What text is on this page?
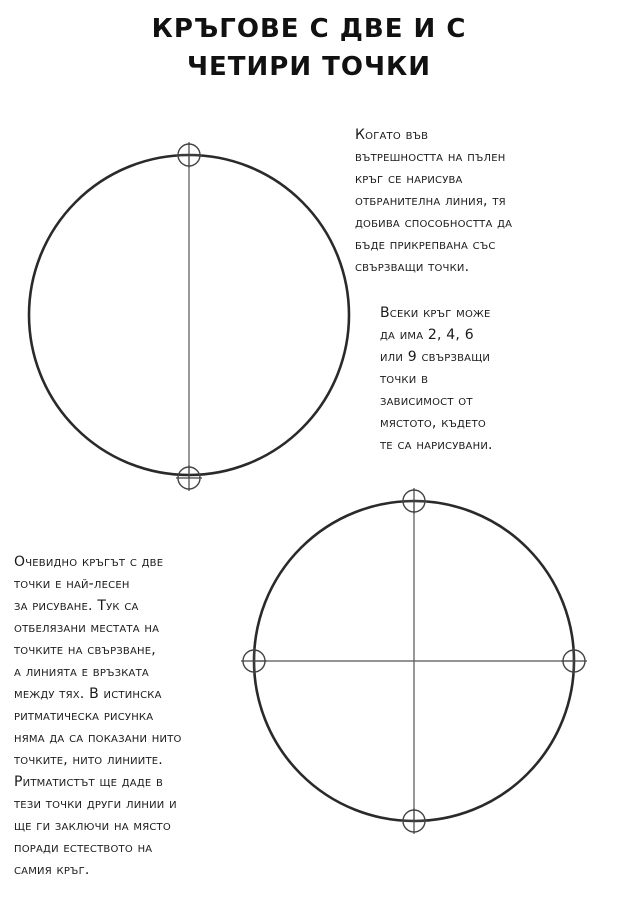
КРЪГОВЕ С ДВЕ И С
ЧЕТИРИ ТОЧКИ
Когато във
вътрешността на пълен
кръг се нарисува
отбранителна линия, тя
добива способността да
бъде прикрепвана със
свързващи точки.
Всеки кръг може
да има 2, 4, 6
или 9 свързващи
точки в
зависимост от
мястото, където
те са нарисувани.
Очевидно кръгът с две
точки е най-лесен
за рисуване. Тук са
отбелязани местата на
точките на свързване,
а линията е връзката
между тях. В истинска
ритматическа рисунка
няма да са показани нито
точките, нито линиите.
Ритматистът ще даде в
тези точки други линии и
ще ги заключи на място
поради естеството на
самия кръг.
